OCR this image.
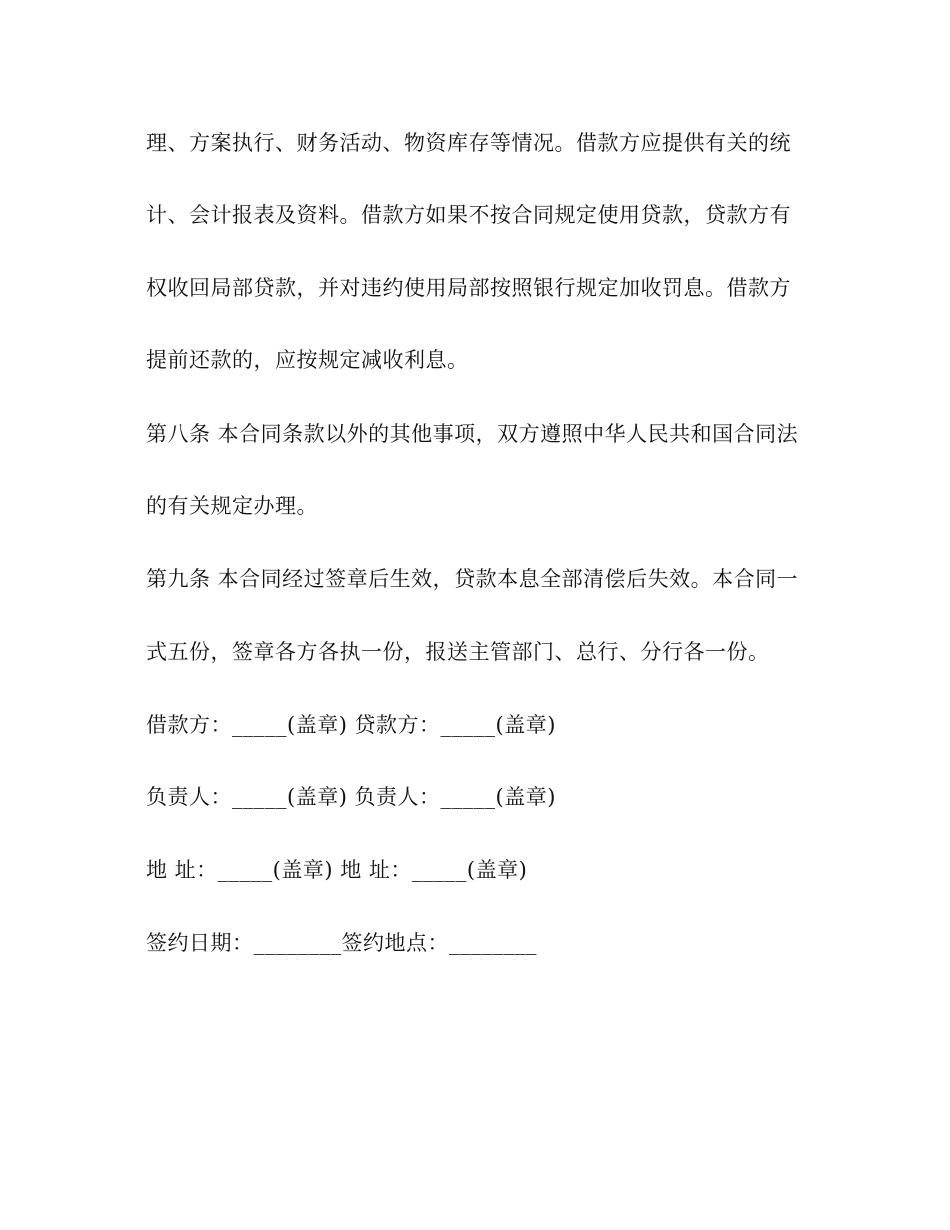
理、方案执行、财务活动、物资库存等情况。借款方应提供有关的统
计、会计报表及资料。借款方如果不按合同规定使用贷款，贷款方有
权收回局部贷款，并对违约使用局部按照银行规定加收罚息。借款方
提前还款的，应按规定减收利息。
第八条 本合同条款以外的其他事项，双方遵照中华人民共和国合同法
的有关规定办理。
第九条 本合同经过签章后生效，贷款本息全部清偿后失效。本合同一
式五份，签章各方各执一份，报送主管部门、总行、分行各一份。
借款方：_____(盖章) 贷款方：_____(盖章)
负责人：_____(盖章) 负责人：_____(盖章)
地 址：_____(盖章) 地 址：_____(盖章)
签约日期：________签约地点：________
